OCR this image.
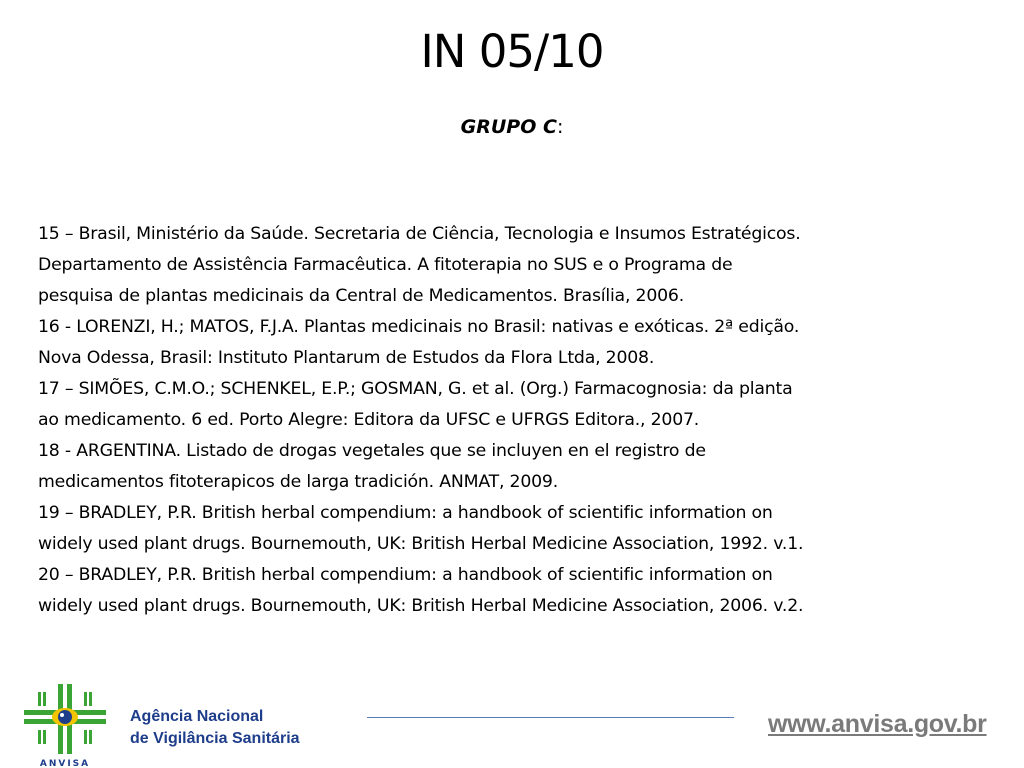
IN 05/10
GRUPO C:

15 – Brasil, Ministério da Saúde. Secretaria de Ciência, Tecnologia e Insumos Estratégicos.
Departamento de Assistência Farmacêutica. A fitoterapia no SUS e o Programa de
pesquisa de plantas medicinais da Central de Medicamentos. Brasília, 2006.

16 - LORENZI, H.; MATOS, F.J.A. Plantas medicinais no Brasil: nativas e exóticas. 2ª edição.
Nova Odessa, Brasil: Instituto Plantarum de Estudos da Flora Ltda, 2008.

17 – SIMÕES, C.M.O.; SCHENKEL, E.P.; GOSMAN, G. et al. (Org.) Farmacognosia: da planta
ao medicamento. 6 ed. Porto Alegre: Editora da UFSC e UFRGS Editora., 2007.

18 - ARGENTINA. Listado de drogas vegetales que se incluyen en el registro de
medicamentos fitoterapicos de larga tradición. ANMAT, 2009.

19 – BRADLEY, P.R. British herbal compendium: a handbook of scientific information on
widely used plant drugs. Bournemouth, UK: British Herbal Medicine Association, 1992. v.1.

20 – BRADLEY, P.R. British herbal compendium: a handbook of scientific information on
widely used plant drugs. Bournemouth, UK: British Herbal Medicine Association, 2006. v.2.

ANVISA
Agência Nacional
de Vigilância Sanitária
www.anvisa.gov.br
